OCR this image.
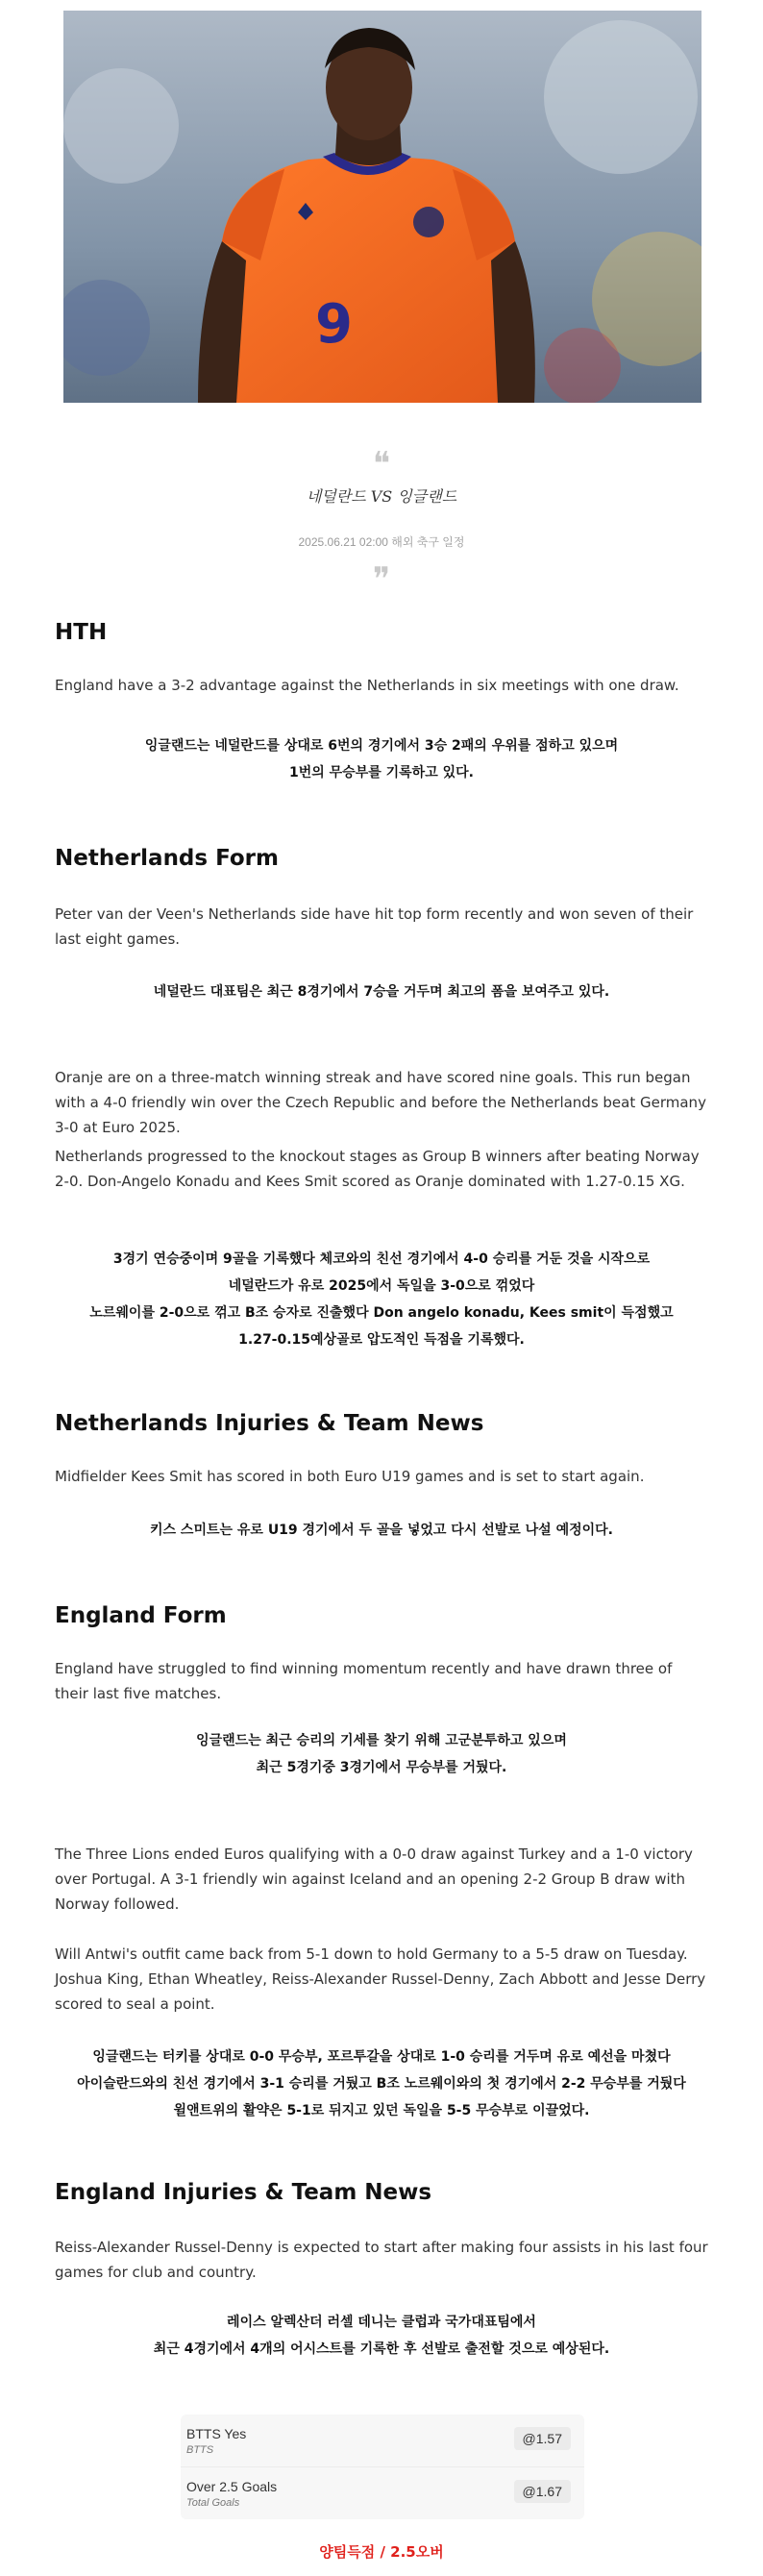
9
❝
네덜란드 VS 잉글랜드
2025.06.21 02:00 해외 축구 일정
❞
HTH

England have a 3-2 advantage against the Netherlands in six meetings with one draw.

잉글랜드는 네덜란드를 상대로 6번의 경기에서 3승 2패의 우위를 점하고 있으며
1번의 무승부를 기록하고 있다.

Netherlands Form

Peter van der Veen's Netherlands side have hit top form recently and won seven of their last eight games.

네덜란드 대표팀은 최근 8경기에서 7승을 거두며 최고의 폼을 보여주고 있다.

Oranje are on a three-match winning streak and have scored nine goals. This run began with a 4-0 friendly win over the Czech Republic and before the Netherlands beat Germany 3-0 at Euro 2025.

Netherlands progressed to the knockout stages as Group B winners after beating Norway 2-0. Don-Angelo Konadu and Kees Smit scored as Oranje dominated with 1.27-0.15 XG.

3경기 연승중이며 9골을 기록했다 체코와의 친선 경기에서 4-0 승리를 거둔 것을 시작으로
네덜란드가 유로 2025에서 독일을 3-0으로 꺾었다
노르웨이를 2-0으로 꺾고 B조 승자로 진출했다 Don angelo konadu, Kees smit이 득점했고
1.27-0.15예상골로 압도적인 득점을 기록했다.

Netherlands Injuries & Team News

Midfielder Kees Smit has scored in both Euro U19 games and is set to start again.

키스 스미트는 유로 U19 경기에서 두 골을 넣었고 다시 선발로 나설 예정이다.

England Form

England have struggled to find winning momentum recently and have drawn three of their last five matches.

잉글랜드는 최근 승리의 기세를 찾기 위해 고군분투하고 있으며
최근 5경기중 3경기에서 무승부를 거뒀다.

The Three Lions ended Euros qualifying with a 0-0 draw against Turkey and a 1-0 victory over Portugal. A 3-1 friendly win against Iceland and an opening 2-2 Group B draw with Norway followed.

Will Antwi's outfit came back from 5-1 down to hold Germany to a 5-5 draw on Tuesday. Joshua King, Ethan Wheatley, Reiss-Alexander Russel-Denny, Zach Abbott and Jesse Derry scored to seal a point.

잉글랜드는 터키를 상대로 0-0 무승부, 포르투갈을 상대로 1-0 승리를 거두며 유로 예선을 마쳤다
아이슬란드와의 친선 경기에서 3-1 승리를 거뒀고 B조 노르웨이와의 첫 경기에서 2-2 무승부를 거뒀다
윌앤트위의 활약은 5-1로 뒤지고 있던 독일을 5-5 무승부로 이끌었다.

England Injuries & Team News

Reiss-Alexander Russel-Denny is expected to start after making four assists in his last four games for club and country.

레이스 알렉산더 러셀 데니는 클럽과 국가대표팀에서
최근 4경기에서 4개의 어시스트를 기록한 후 선발로 출전할 것으로 예상된다.

BTTS Yes
BTTS
@1.57
Over 2.5 Goals
Total Goals
@1.67
양팀득점 / 2.5오버
